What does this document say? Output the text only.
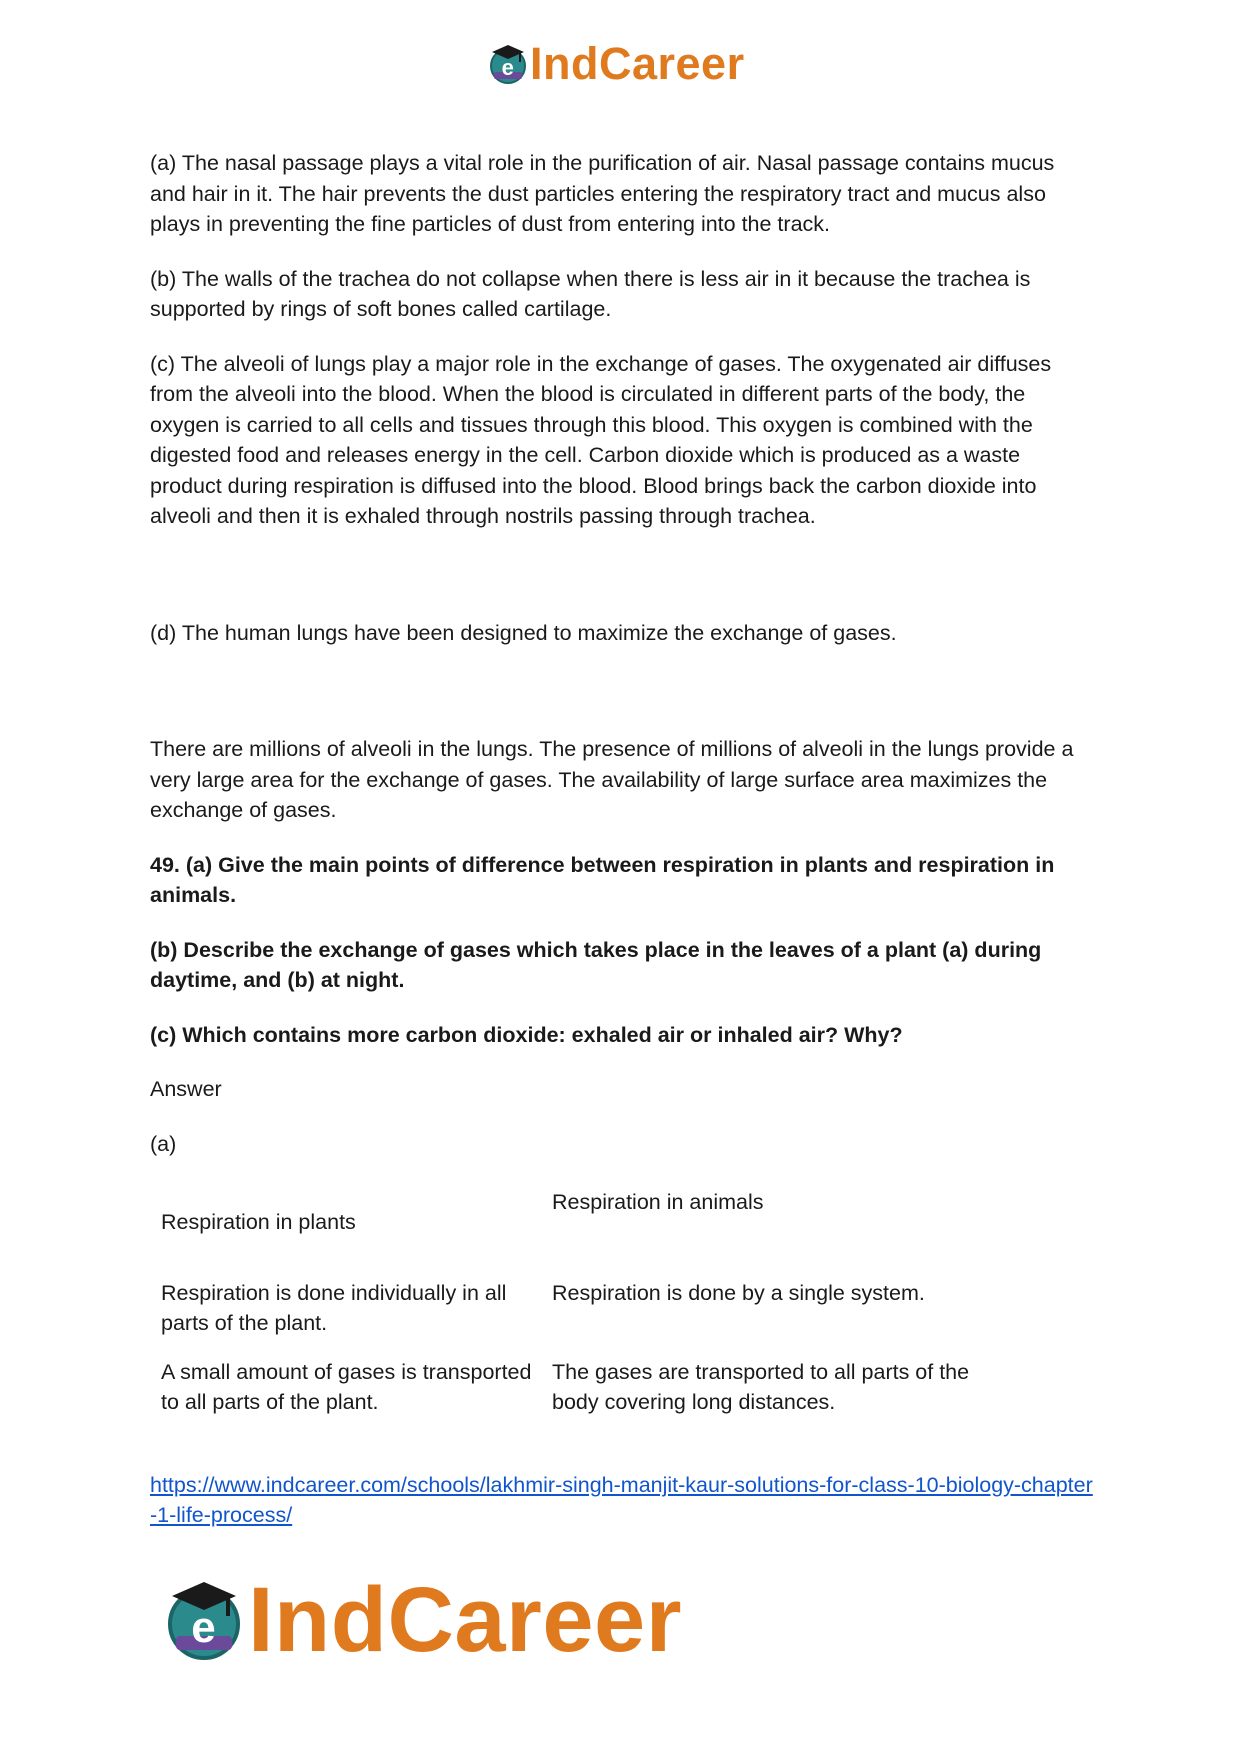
e IndCareer

(a) The nasal passage plays a vital role in the purification of air. Nasal passage contains mucus and hair in it. The hair prevents the dust particles entering the respiratory tract and mucus also plays in preventing the fine particles of dust from entering into the track.

(b) The walls of the trachea do not collapse when there is less air in it because the trachea is supported by rings of soft bones called cartilage.

(c) The alveoli of lungs play a major role in the exchange of gases. The oxygenated air diffuses from the alveoli into the blood. When the blood is circulated in different parts of the body, the oxygen is carried to all cells and tissues through this blood. This oxygen is combined with the digested food and releases energy in the cell. Carbon dioxide which is produced as a waste product during respiration is diffused into the blood. Blood brings back the carbon dioxide into alveoli and then it is exhaled through nostrils passing through trachea.

(d) The human lungs have been designed to maximize the exchange of gases.

There are millions of alveoli in the lungs. The presence of millions of alveoli in the lungs provide a very large area for the exchange of gases. The availability of large surface area maximizes the exchange of gases.

49. (a) Give the main points of difference between respiration in plants and respiration in animals.

(b) Describe the exchange of gases which takes place in the leaves of a plant (a) during daytime, and (b) at night.

(c) Which contains more carbon dioxide: exhaled air or inhaled air? Why?

Answer

(a)

Respiration in plants	Respiration in animals
Respiration is done individually in all parts of the plant.	Respiration is done by a single system.
A small amount of gases is transported to all parts of the plant.	The gases are transported to all parts of the body covering long distances.
https://www.indcareer.com/schools/lakhmir-singh-manjit-kaur-solutions-for-class-10-biology-chapter-1-life-process/
e IndCareer
